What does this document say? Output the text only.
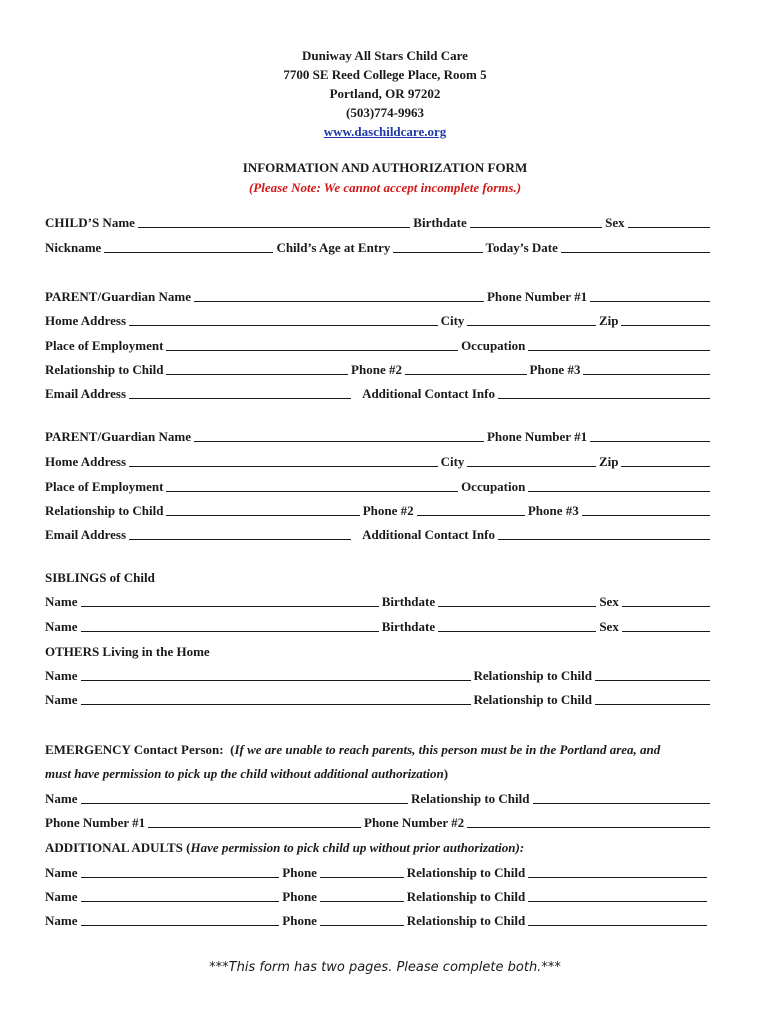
Duniway All Stars Child Care
7700 SE Reed College Place, Room 5
Portland, OR 97202
(503)774-9963
www.daschildcare.org
INFORMATION AND AUTHORIZATION FORM
(Please Note: We cannot accept incomplete forms.)
CHILD’S Name	Birthdate	Sex
Nickname	Child’s Age at Entry	Today’s Date
PARENT/Guardian Name	Phone Number #1
Home Address	City	Zip
Place of Employment	Occupation
Relationship to Child	Phone #2	Phone #3
Email Address	Additional Contact Info
PARENT/Guardian Name	Phone Number #1
Home Address	City	Zip
Place of Employment	Occupation
Relationship to Child	Phone #2	Phone #3
Email Address	Additional Contact Info
SIBLINGS of Child
Name	Birthdate	Sex
Name	Birthdate	Sex
OTHERS Living in the Home
Name	Relationship to Child
Name	Relationship to Child
EMERGENCY Contact Person: (If we are unable to reach parents, this person must be in the Portland area, and
must have permission to pick up the child without additional authorization)
Name	Relationship to Child
Phone Number #1	Phone Number #2
ADDITIONAL ADULTS (Have permission to pick child up without prior authorization):
Name	Phone	Relationship to Child
Name	Phone	Relationship to Child
Name	Phone	Relationship to Child
***This form has two pages. Please complete both.***
